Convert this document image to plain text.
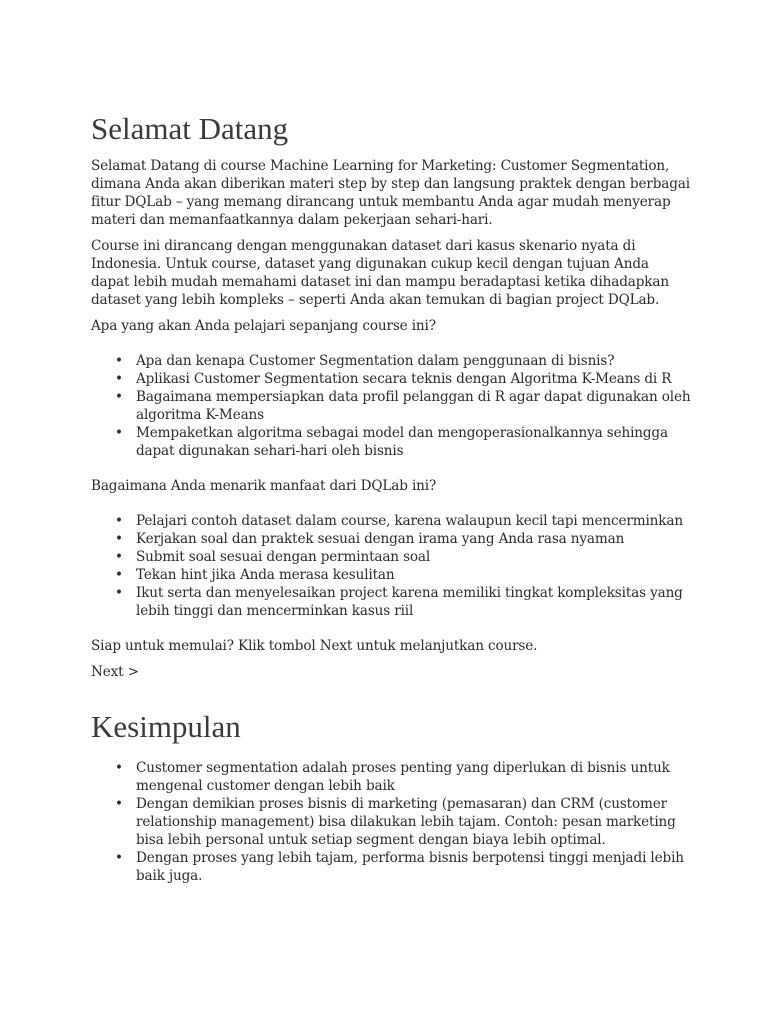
Selamat Datang

Selamat Datang di course Machine Learning for Marketing: Customer Segmentation, dimana Anda akan diberikan materi step by step dan langsung praktek dengan berbagai fitur DQLab – yang memang dirancang untuk membantu Anda agar mudah menyerap materi dan memanfaatkannya dalam pekerjaan sehari-hari.

Course ini dirancang dengan menggunakan dataset dari kasus skenario nyata di Indonesia. Untuk course, dataset yang digunakan cukup kecil dengan tujuan Anda dapat lebih mudah memahami dataset ini dan mampu beradaptasi ketika dihadapkan dataset yang lebih kompleks – seperti Anda akan temukan di bagian project DQLab.

Apa yang akan Anda pelajari sepanjang course ini?

• Apa dan kenapa Customer Segmentation dalam penggunaan di bisnis?
• Aplikasi Customer Segmentation secara teknis dengan Algoritma K-Means di R
• Bagaimana mempersiapkan data profil pelanggan di R agar dapat digunakan oleh algoritma K-Means
• Mempaketkan algoritma sebagai model dan mengoperasionalkannya sehingga dapat digunakan sehari-hari oleh bisnis

Bagaimana Anda menarik manfaat dari DQLab ini?

• Pelajari contoh dataset dalam course, karena walaupun kecil tapi mencerminkan
• Kerjakan soal dan praktek sesuai dengan irama yang Anda rasa nyaman
• Submit soal sesuai dengan permintaan soal
• Tekan hint jika Anda merasa kesulitan
• Ikut serta dan menyelesaikan project karena memiliki tingkat kompleksitas yang lebih tinggi dan mencerminkan kasus riil

Siap untuk memulai? Klik tombol Next untuk melanjutkan course.

Next >

Kesimpulan
• Customer segmentation adalah proses penting yang diperlukan di bisnis untuk mengenal customer dengan lebih baik
• Dengan demikian proses bisnis di marketing (pemasaran) dan CRM (customer relationship management) bisa dilakukan lebih tajam. Contoh: pesan marketing bisa lebih personal untuk setiap segment dengan biaya lebih optimal.
• Dengan proses yang lebih tajam, performa bisnis berpotensi tinggi menjadi lebih baik juga.
